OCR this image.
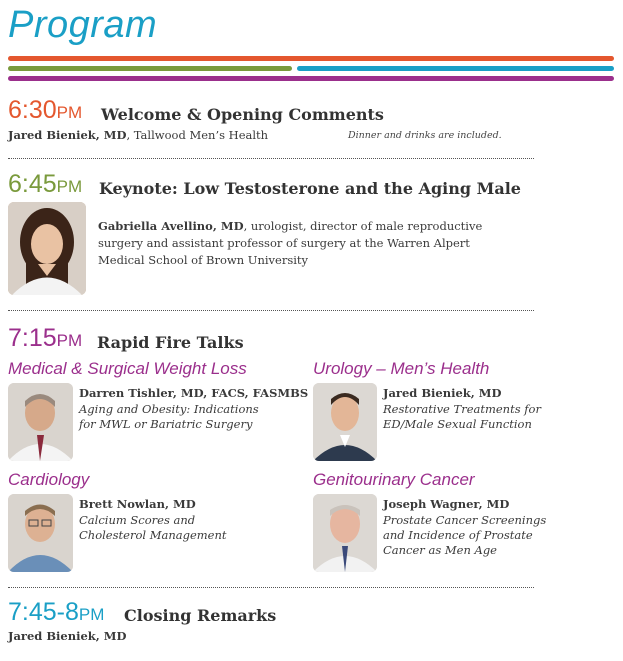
Program
6:30PM Welcome & Opening Comments
Jared Bieniek, MD, Tallwood Men’s Health	Dinner and drinks are included.
6:45PM Keynote: Low Testosterone and the Aging Male
Gabriella Avellino, MD, urologist, director of male reproductive surgery and assistant professor of surgery at the Warren Alpert Medical School of Brown University
7:15PM Rapid Fire Talks
Medical & Surgical Weight Loss
Darren Tishler, MD, FACS, FASMBS
Aging and Obesity: Indications for MWL or Bariatric Surgery
Urology – Men’s Health
Jared Bieniek, MD
Restorative Treatments for ED/Male Sexual Function
Cardiology
Brett Nowlan, MD
Calcium Scores and Cholesterol Management
Genitourinary Cancer
Joseph Wagner, MD
Prostate Cancer Screenings and Incidence of Prostate Cancer as Men Age
7:45-8PM Closing Remarks
Jared Bieniek, MD
